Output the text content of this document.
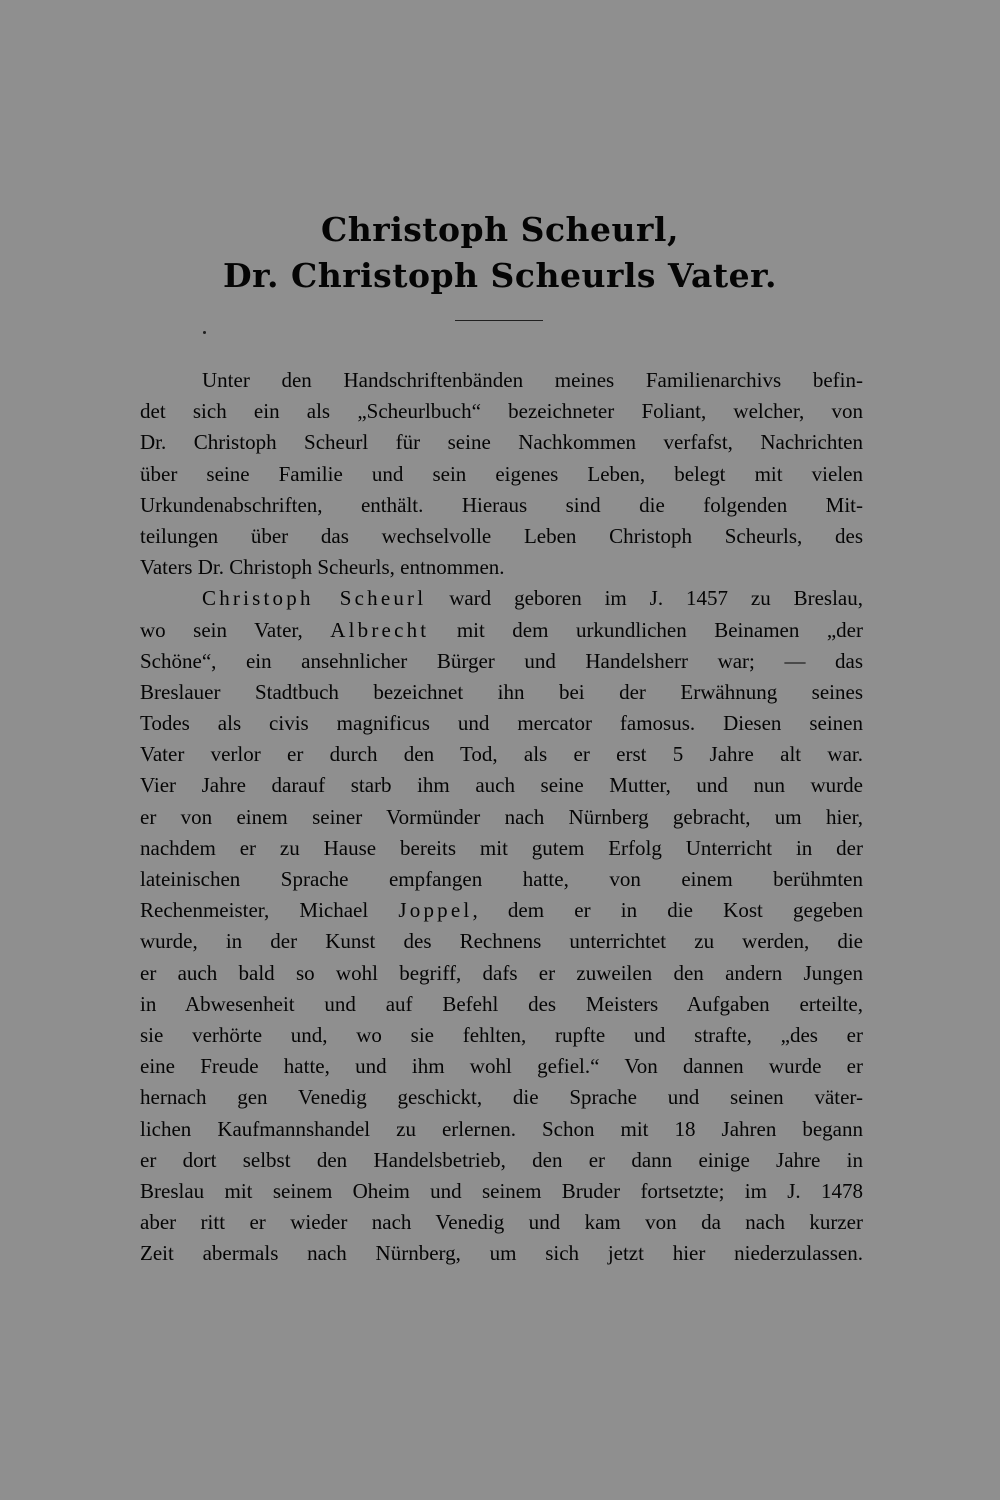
Christoph Scheurl,
Dr. Christoph Scheurls Vater.
Unter den Handschriftenbänden meines Familienarchivs befin-
det sich ein als „Scheurlbuch“ bezeichneter Foliant, welcher, von
Dr. Christoph Scheurl für seine Nachkommen verfafst, Nachrichten
über seine Familie und sein eigenes Leben, belegt mit vielen
Urkundenabschriften, enthält. Hieraus sind die folgenden Mit-
teilungen über das wechselvolle Leben Christoph Scheurls, des
Vaters Dr. Christoph Scheurls, entnommen.
Christoph Scheurl ward geboren im J. 1457 zu Breslau,
wo sein Vater, Albrecht mit dem urkundlichen Beinamen „der
Schöne“, ein ansehnlicher Bürger und Handelsherr war; — das
Breslauer Stadtbuch bezeichnet ihn bei der Erwähnung seines
Todes als civis magnificus und mercator famosus. Diesen seinen
Vater verlor er durch den Tod, als er erst 5 Jahre alt war.
Vier Jahre darauf starb ihm auch seine Mutter, und nun wurde
er von einem seiner Vormünder nach Nürnberg gebracht, um hier,
nachdem er zu Hause bereits mit gutem Erfolg Unterricht in der
lateinischen Sprache empfangen hatte, von einem berühmten
Rechenmeister, Michael Joppel, dem er in die Kost gegeben
wurde, in der Kunst des Rechnens unterrichtet zu werden, die
er auch bald so wohl begriff, dafs er zuweilen den andern Jungen
in Abwesenheit und auf Befehl des Meisters Aufgaben erteilte,
sie verhörte und, wo sie fehlten, rupfte und strafte, „des er
eine Freude hatte, und ihm wohl gefiel.“ Von dannen wurde er
hernach gen Venedig geschickt, die Sprache und seinen väter-
lichen Kaufmannshandel zu erlernen. Schon mit 18 Jahren begann
er dort selbst den Handelsbetrieb, den er dann einige Jahre in
Breslau mit seinem Oheim und seinem Bruder fortsetzte; im J. 1478
aber ritt er wieder nach Venedig und kam von da nach kurzer
Zeit abermals nach Nürnberg, um sich jetzt hier niederzulassen.
